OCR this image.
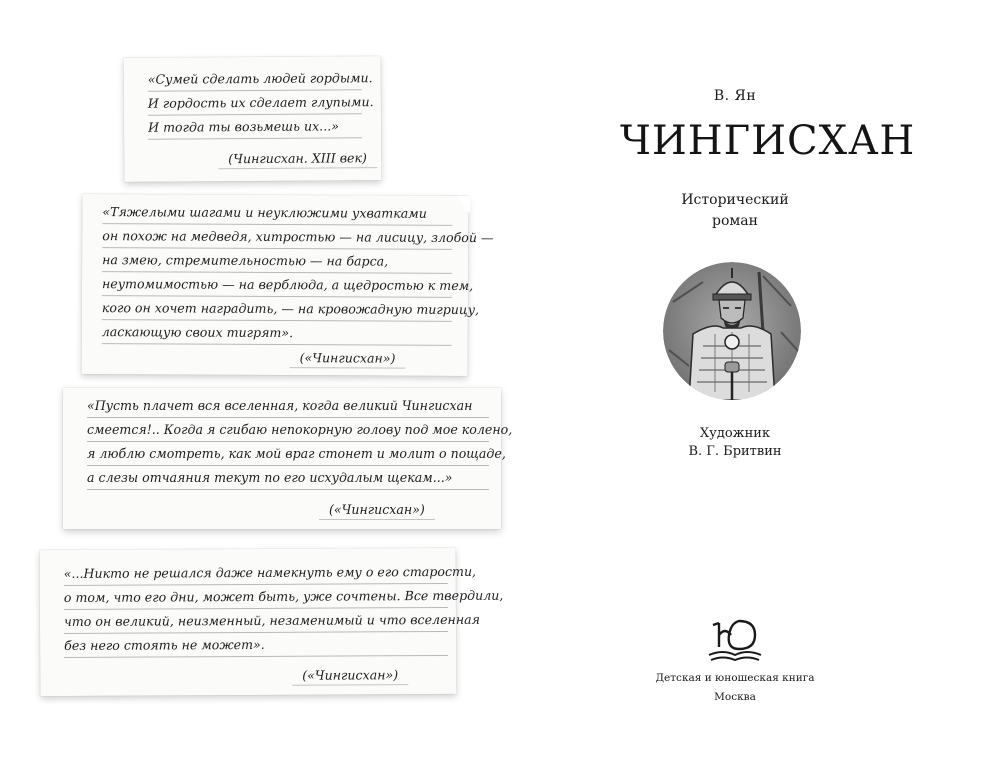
«Сумей сделать людей гордыми.
И гордость их сделает глупыми.
И тогда ты возьмешь их...»
(Чингисхан. XIII век)
«Тяжелыми шагами и неуклюжими ухватками
он похож на медведя, хитростью — на лисицу, злобой —
на змею, стремительностью — на барса,
неутомимостью — на верблюда, а щедростью к тем,
кого он хочет наградить, — на кровожадную тигрицу,
ласкающую своих тигрят».
(«Чингисхан»)
«Пусть плачет вся вселенная, когда великий Чингисхан
смеется!.. Когда я сгибаю непокорную голову под мое колено,
я люблю смотреть, как мой враг стонет и молит о пощаде,
а слезы отчаяния текут по его исхудалым щекам...»
(«Чингисхан»)
«...Никто не решался даже намекнуть ему о его старости,
о том, что его дни, может быть, уже сочтены. Все твердили,
что он великий, неизменный, незаменимый и что вселенная
без него стоять не может».
(«Чингисхан»)
В. Ян
ЧИНГИСХАН
Исторический
роман
Художник
В. Г. Бритвин
Детская и юношеская книга
Москва
